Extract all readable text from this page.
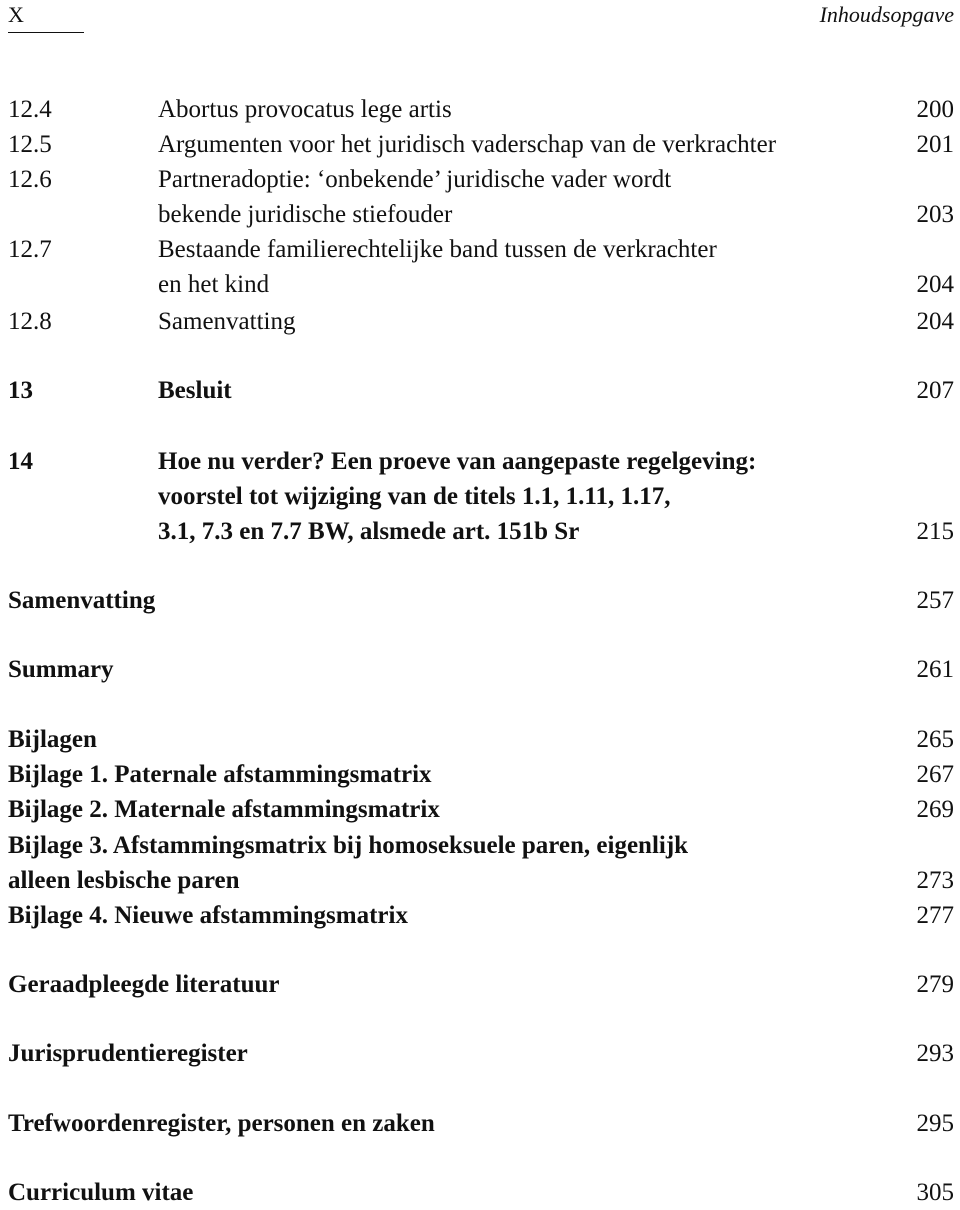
X	Inhoudsopgave
12.4	Abortus provocatus lege artis	200
12.5	Argumenten voor het juridisch vaderschap van de verkrachter	201
12.6	Partneradoptie: ‘onbekende’ juridische vader wordt
bekende juridische stiefouder	203
12.7	Bestaande familierechtelijke band tussen de verkrachter
en het kind	204
12.8	Samenvatting	204
13	Besluit	207
14	Hoe nu verder? Een proeve van aangepaste regelgeving:
voorstel tot wijziging van de titels 1.1, 1.11, 1.17,
3.1, 7.3 en 7.7 BW, alsmede art. 151b Sr	215
Samenvatting	257
Summary	261
Bijlagen	265
Bijlage 1. Paternale afstammingsmatrix	267
Bijlage 2. Maternale afstammingsmatrix	269
Bijlage 3. Afstammingsmatrix bij homoseksuele paren, eigenlijk
alleen lesbische paren	273
Bijlage 4. Nieuwe afstammingsmatrix	277
Geraadpleegde literatuur	279
Jurisprudentieregister	293
Trefwoordenregister, personen en zaken	295
Curriculum vitae	305
